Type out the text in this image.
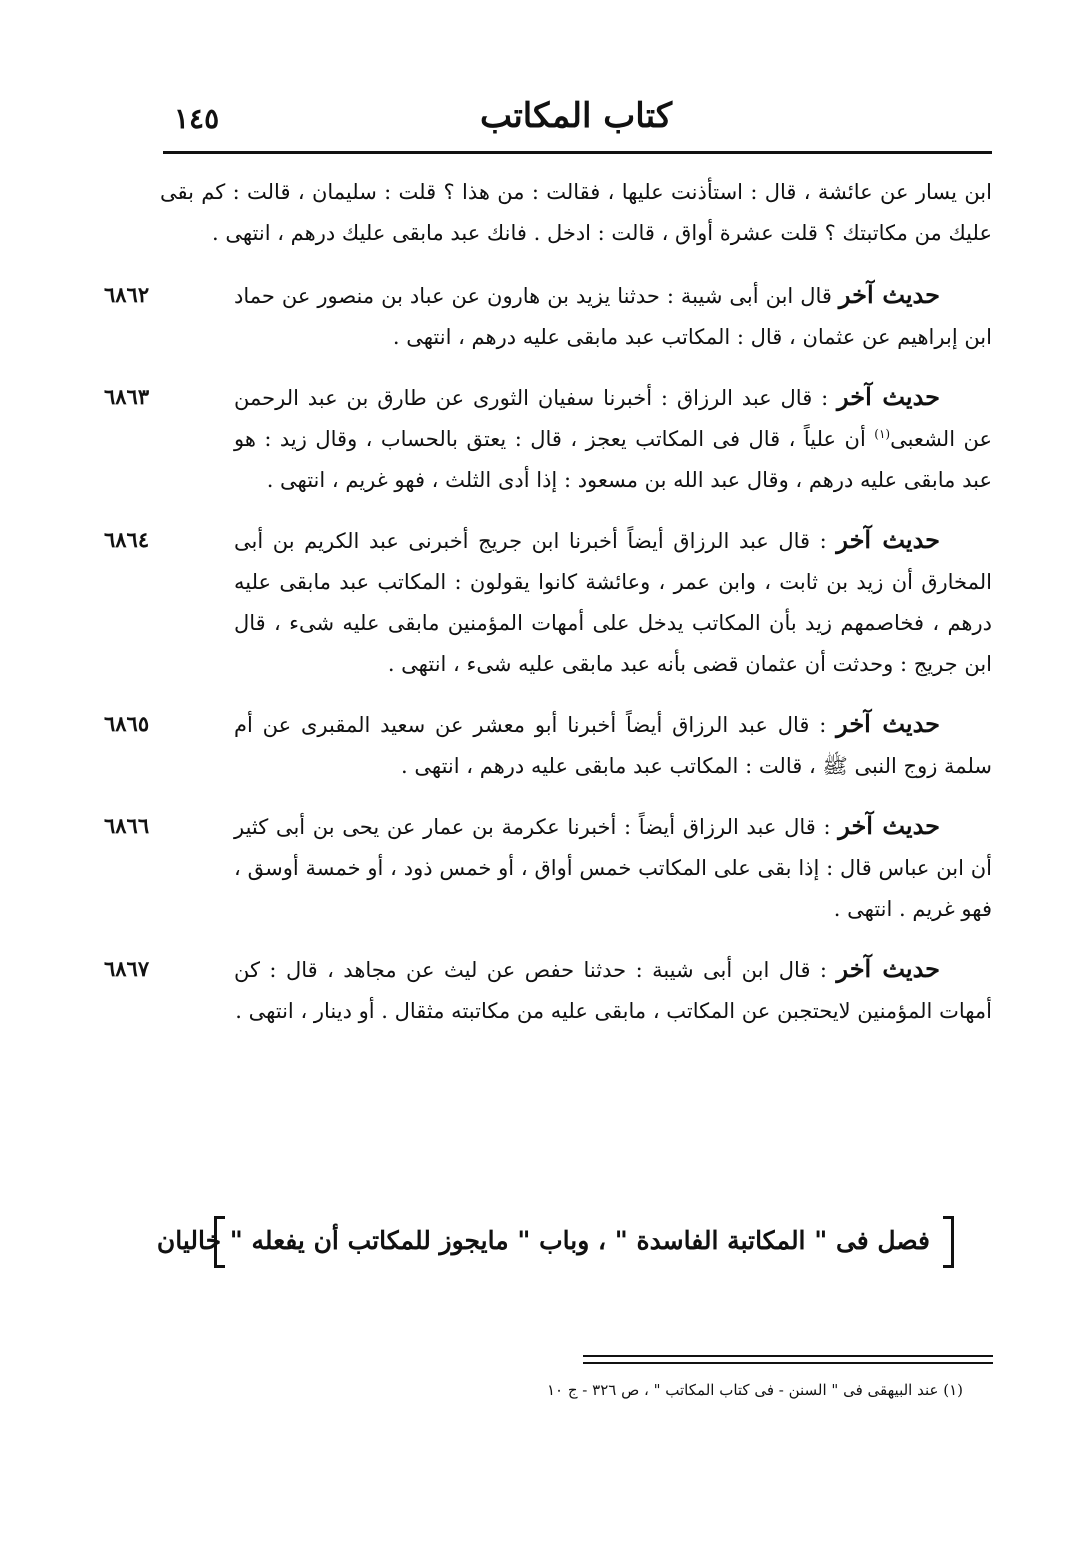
كتاب المكاتب
١٤٥

ابن يسار عن عائشة ، قال : استأذنت عليها ، فقالت : من هذا ؟ قلت : سليمان ، قالت : كم بقى عليك من مكاتبتك ؟ قلت عشرة أواق ، قالت : ادخل . فانك عبد مابقى عليك درهم ، انتهى .

٦٨٦٢	حديث آخر قال ابن أبى شيبة : حدثنا يزيد بن هارون عن عباد بن منصور عن حماد ابن إبراهيم عن عثمان ، قال : المكاتب عبد مابقى عليه درهم ، انتهى .

٦٨٦٣	حديث آخر : قال عبد الرزاق : أخبرنا سفيان الثورى عن طارق بن عبد الرحمن عن الشعبى$^{(١)}$ أن علياً ، قال فى المكاتب يعجز ، قال : يعتق بالحساب ، وقال زيد : هو عبد مابقى عليه درهم ، وقال عبد الله بن مسعود : إذا أدى الثلث ، فهو غريم ، انتهى .

٦٨٦٤	حديث آخر : قال عبد الرزاق أيضاً أخبرنا ابن جريج أخبرنى عبد الكريم بن أبى المخارق أن زيد بن ثابت ، وابن عمر ، وعائشة كانوا يقولون : المكاتب عبد مابقى عليه درهم ، فخاصمهم زيد بأن المكاتب يدخل على أمهات المؤمنين مابقى عليه شىء ، قال ابن جريج : وحدثت أن عثمان قضى بأنه عبد مابقى عليه شىء ، انتهى .

٦٨٦٥	حديث آخر : قال عبد الرزاق أيضاً أخبرنا أبو معشر عن سعيد المقبرى عن أم سلمة زوج النبى ﷺ ، قالت : المكاتب عبد مابقى عليه درهم ، انتهى .

٦٨٦٦	حديث آخر : قال عبد الرزاق أيضاً : أخبرنا عكرمة بن عمار عن يحى بن أبى كثير أن ابن عباس قال : إذا بقى على المكاتب خمس أواق ، أو خمس ذود ، أو خمسة أوسق ، فهو غريم . انتهى .

٦٨٦٧	حديث آخر : قال ابن أبى شيبة : حدثنا حفص عن ليث عن مجاهد ، قال : كن أمهات المؤمنين لايحتجبن عن المكاتب ، مابقى عليه من مكاتبته مثقال . أو دينار ، انتهى .

فصل فى " المكاتبة الفاسدة " ، وباب " مايجوز للمكاتب أن يفعله " خاليان
(١) عند البيهقى فى " السنن - فى كتاب المكاتب " ، ص ٣٢٦ - ج ١٠
